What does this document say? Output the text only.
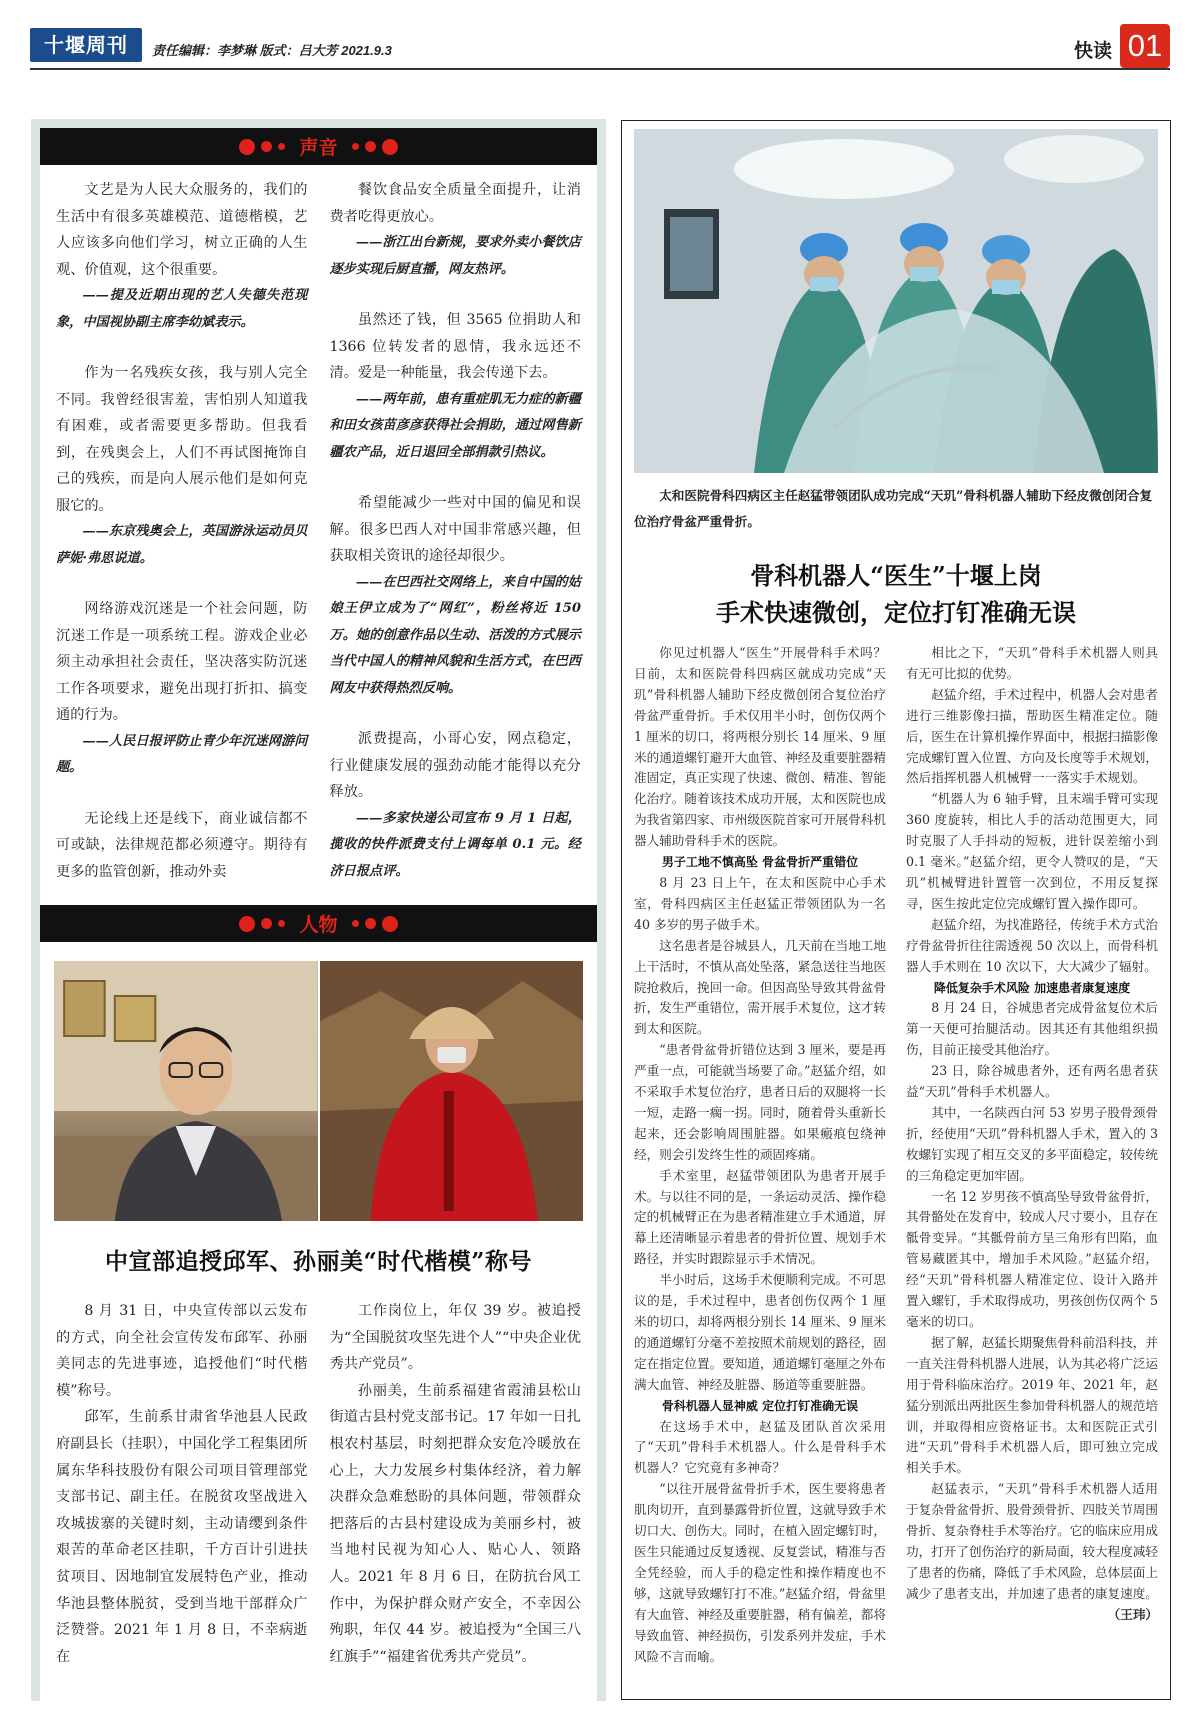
十堰周刊	责任编辑：李梦琳 版式：吕大芳 2021.9.3	快读 01
声音

文艺是为人民大众服务的，我们的生活中有很多英雄模范、道德楷模，艺人应该多向他们学习，树立正确的人生观、价值观，这个很重要。

——提及近期出现的艺人失德失范现象，中国视协副主席李幼斌表示。

作为一名残疾女孩，我与别人完全不同。我曾经很害羞，害怕别人知道我有困难，或者需要更多帮助。但我看到，在残奥会上，人们不再试图掩饰自己的残疾，而是向人展示他们是如何克服它的。

——东京残奥会上，英国游泳运动员贝萨妮·弗思说道。

网络游戏沉迷是一个社会问题，防沉迷工作是一项系统工程。游戏企业必须主动承担社会责任，坚决落实防沉迷工作各项要求，避免出现打折扣、搞变通的行为。

——人民日报评防止青少年沉迷网游问题。

无论线上还是线下，商业诚信都不可或缺，法律规范都必须遵守。期待有更多的监管创新，推动外卖

餐饮食品安全质量全面提升，让消费者吃得更放心。

——浙江出台新规，要求外卖小餐饮店逐步实现后厨直播，网友热评。

虽然还了钱，但 3565 位捐助人和 1366 位转发者的恩情，我永远还不清。爱是一种能量，我会传递下去。

——两年前，患有重症肌无力症的新疆和田女孩苗彦彦获得社会捐助，通过网售新疆农产品，近日退回全部捐款引热议。

希望能减少一些对中国的偏见和误解。很多巴西人对中国非常感兴趣，但获取相关资讯的途径却很少。

——在巴西社交网络上，来自中国的姑娘王伊立成为了“网红”，粉丝将近 150 万。她的创意作品以生动、活泼的方式展示当代中国人的精神风貌和生活方式，在巴西网友中获得热烈反响。

派费提高，小哥心安，网点稳定，行业健康发展的强劲动能才能得以充分释放。

——多家快递公司宣布 9 月 1 日起，揽收的快件派费支付上调每单 0.1 元。经济日报点评。

人物
中宣部追授邱军、孙丽美“时代楷模”称号

8 月 31 日，中央宣传部以云发布的方式，向全社会宣传发布邱军、孙丽美同志的先进事迹，追授他们“时代楷模”称号。

邱军，生前系甘肃省华池县人民政府副县长（挂职），中国化学工程集团所属东华科技股份有限公司项目管理部党支部书记、副主任。在脱贫攻坚战进入攻城拔寨的关键时刻，主动请缨到条件艰苦的革命老区挂职，千方百计引进扶贫项目、因地制宜发展特色产业，推动华池县整体脱贫，受到当地干部群众广泛赞誉。2021 年 1 月 8 日，不幸病逝在

工作岗位上，年仅 39 岁。被追授为“全国脱贫攻坚先进个人”“中央企业优秀共产党员”。

孙丽美，生前系福建省霞浦县松山街道古县村党支部书记。17 年如一日扎根农村基层，时刻把群众安危冷暖放在心上，大力发展乡村集体经济，着力解决群众急难愁盼的具体问题，带领群众把落后的古县村建设成为美丽乡村，被当地村民视为知心人、贴心人、领路人。2021 年 8 月 6 日，在防抗台风工作中，为保护群众财产安全，不幸因公殉职，年仅 44 岁。被追授为“全国三八红旗手”“福建省优秀共产党员”。

太和医院骨科四病区主任赵猛带领团队成功完成“天玑”骨科机器人辅助下经皮微创闭合复位治疗骨盆严重骨折。
骨科机器人“医生”十堰上岗
手术快速微创，定位打钉准确无误

你见过机器人“医生”开展骨科手术吗？日前，太和医院骨科四病区就成功完成“天玑”骨科机器人辅助下经皮微创闭合复位治疗骨盆严重骨折。手术仅用半小时，创伤仅两个 1 厘米的切口，将两根分别长 14 厘米、9 厘米的通道螺钉避开大血管、神经及重要脏器精准固定，真正实现了快速、微创、精准、智能化治疗。随着该技术成功开展，太和医院也成为我省第四家、市州级医院首家可开展骨科机器人辅助骨科手术的医院。

男子工地不慎高坠 骨盆骨折严重错位

8 月 23 日上午，在太和医院中心手术室，骨科四病区主任赵猛正带领团队为一名 40 多岁的男子做手术。

这名患者是谷城县人，几天前在当地工地上干活时，不慎从高处坠落，紧急送往当地医院抢救后，挽回一命。但因高坠导致其骨盆骨折，发生严重错位，需开展手术复位，这才转到太和医院。

“患者骨盆骨折错位达到 3 厘米，要是再严重一点，可能就当场要了命。”赵猛介绍，如不采取手术复位治疗，患者日后的双腿将一长一短，走路一瘸一拐。同时，随着骨头重新长起来，还会影响周围脏器。如果瘢痕包绕神经，则会引发终生性的顽固疼痛。

手术室里，赵猛带领团队为患者开展手术。与以往不同的是，一条运动灵活、操作稳定的机械臂正在为患者精准建立手术通道，屏幕上还清晰显示着患者的骨折位置、规划手术路径，并实时跟踪显示手术情况。

半小时后，这场手术便顺利完成。不可思议的是，手术过程中，患者创伤仅两个 1 厘米的切口，却将两根分别长 14 厘米、9 厘米的通道螺钉分毫不差按照术前规划的路径，固定在指定位置。要知道，通道螺钉毫厘之外布满大血管、神经及脏器、肠道等重要脏器。

骨科机器人显神威 定位打钉准确无误

在这场手术中，赵猛及团队首次采用了“天玑”骨科手术机器人。什么是骨科手术机器人？它究竟有多神奇？

“以往开展骨盆骨折手术，医生要将患者肌肉切开，直到暴露骨折位置，这就导致手术切口大、创伤大。同时，在植入固定螺钉时，医生只能通过反复透视、反复尝试，精准与否全凭经验，而人手的稳定性和操作精度也不够，这就导致螺钉打不准。”赵猛介绍，骨盆里有大血管、神经及重要脏器，稍有偏差，都将导致血管、神经损伤，引发系列并发症，手术风险不言而喻。

相比之下，“天玑”骨科手术机器人则具有无可比拟的优势。

赵猛介绍，手术过程中，机器人会对患者进行三维影像扫描，帮助医生精准定位。随后，医生在计算机操作界面中，根据扫描影像完成螺钉置入位置、方向及长度等手术规划，然后指挥机器人机械臂一一落实手术规划。

“机器人为 6 轴手臂，且末端手臂可实现 360 度旋转，相比人手的活动范围更大，同时克服了人手抖动的短板，进针误差缩小到 0.1 毫米。”赵猛介绍，更令人赞叹的是，“天玑”机械臂进针置管一次到位，不用反复探寻，医生按此定位完成螺钉置入操作即可。

赵猛介绍，为找准路径，传统手术方式治疗骨盆骨折往往需透视 50 次以上，而骨科机器人手术则在 10 次以下，大大减少了辐射。

降低复杂手术风险 加速患者康复速度

8 月 24 日，谷城患者完成骨盆复位术后第一天便可抬腿活动。因其还有其他组织损伤，目前正接受其他治疗。

23 日，除谷城患者外，还有两名患者获益“天玑”骨科手术机器人。

其中，一名陕西白河 53 岁男子股骨颈骨折，经使用“天玑”骨科机器人手术，置入的 3 枚螺钉实现了相互交叉的多平面稳定，较传统的三角稳定更加牢固。

一名 12 岁男孩不慎高坠导致骨盆骨折，其骨骼处在发育中，较成人尺寸要小，且存在骶骨变异。“其骶骨前方呈三角形有凹陷，血管易藏匿其中，增加手术风险。”赵猛介绍，经“天玑”骨科机器人精准定位、设计入路并置入螺钉，手术取得成功，男孩创伤仅两个 5 毫米的切口。

据了解，赵猛长期聚焦骨科前沿科技，并一直关注骨科机器人进展，认为其必将广泛运用于骨科临床治疗。2019 年、2021 年，赵猛分别派出两批医生参加骨科机器人的规范培训，并取得相应资格证书。太和医院正式引进“天玑”骨科手术机器人后，即可独立完成相关手术。

赵猛表示，“天玑”骨科手术机器人适用于复杂骨盆骨折、股骨颈骨折、四肢关节周围骨折、复杂脊柱手术等治疗。它的临床应用成功，打开了创伤治疗的新局面，较大程度减轻了患者的伤痛，降低了手术风险，总体层面上减少了患者支出，并加速了患者的康复速度。

（王玮）
